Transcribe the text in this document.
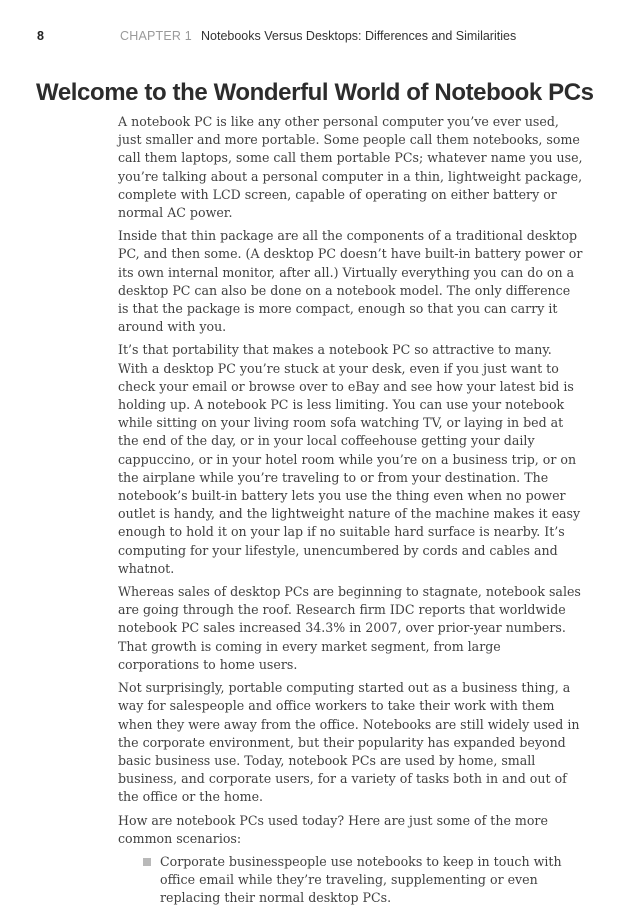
8	CHAPTER 1 Notebooks Versus Desktops: Differences and Similarities
Welcome to the Wonderful World of Notebook PCs

A notebook PC is like any other personal computer you’ve ever used, just smaller and more portable. Some people call them notebooks, some call them laptops, some call them portable PCs; whatever name you use, you’re talking about a personal computer in a thin, lightweight package, complete with LCD screen, capable of operating on either battery or normal AC power.

Inside that thin package are all the components of a traditional desktop PC, and then some. (A desktop PC doesn’t have built-in battery power or its own internal monitor, after all.) Virtually everything you can do on a desktop PC can also be done on a notebook model. The only difference is that the package is more compact, enough so that you can carry it around with you.

It’s that portability that makes a notebook PC so attractive to many. With a desktop PC you’re stuck at your desk, even if you just want to check your email or browse over to eBay and see how your latest bid is holding up. A notebook PC is less limiting. You can use your notebook while sitting on your living room sofa watching TV, or laying in bed at the end of the day, or in your local coffeehouse getting your daily cappuccino, or in your hotel room while you’re on a business trip, or on the airplane while you’re traveling to or from your destination. The notebook’s built-in battery lets you use the thing even when no power outlet is handy, and the lightweight nature of the machine makes it easy enough to hold it on your lap if no suitable hard surface is nearby. It’s computing for your lifestyle, unencumbered by cords and cables and whatnot.

Whereas sales of desktop PCs are beginning to stagnate, notebook sales are going through the roof. Research firm IDC reports that worldwide notebook PC sales increased 34.3% in 2007, over prior-year numbers. That growth is coming in every market segment, from large corporations to home users.

Not surprisingly, portable computing started out as a business thing, a way for salespeople and office workers to take their work with them when they were away from the office. Notebooks are still widely used in the corporate environment, but their popularity has expanded beyond basic business use. Today, notebook PCs are used by home, small business, and corporate users, for a variety of tasks both in and out of the office or the home.

How are notebook PCs used today? Here are just some of the more common scenarios:

Corporate businesspeople use notebooks to keep in touch with office email while they’re traveling, supplementing or even replacing their normal desktop PCs.
